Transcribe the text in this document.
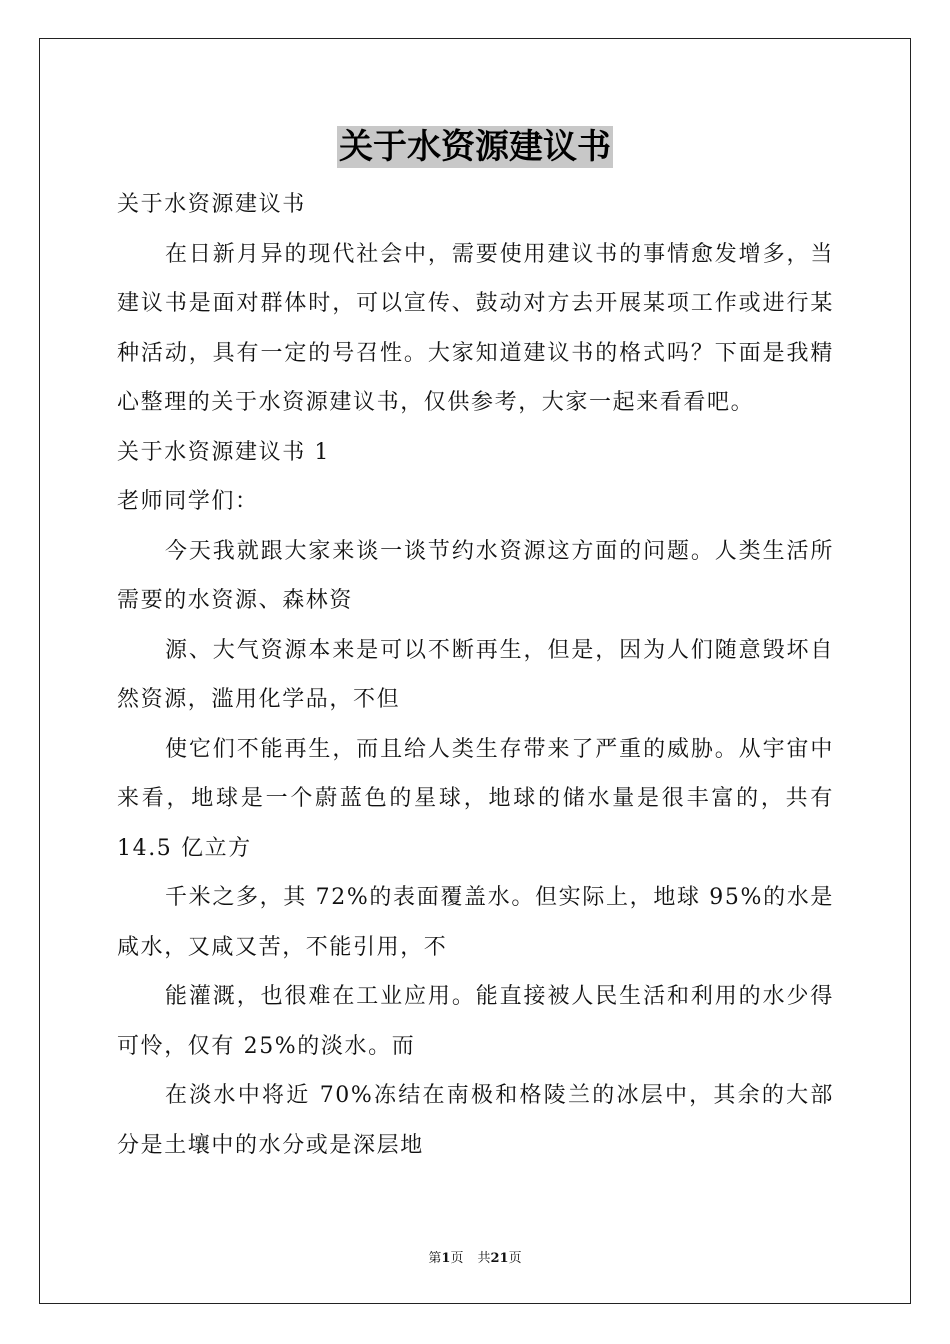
关于水资源建议书

关于水资源建议书

在日新月异的现代社会中，需要使用建议书的事情愈发增多，当建议书是面对群体时，可以宣传、鼓动对方去开展某项工作或进行某种活动，具有一定的号召性。大家知道建议书的格式吗？下面是我精心整理的关于水资源建议书，仅供参考，大家一起来看看吧。

关于水资源建议书 1

老师同学们：

今天我就跟大家来谈一谈节约水资源这方面的问题。人类生活所需要的水资源、森林资

源、大气资源本来是可以不断再生，但是，因为人们随意毁坏自然资源，滥用化学品，不但

使它们不能再生，而且给人类生存带来了严重的威胁。从宇宙中来看，地球是一个蔚蓝色的星球，地球的储水量是很丰富的，共有 14.5 亿立方

千米之多，其 72%的表面覆盖水。但实际上，地球 95%的水是咸水，又咸又苦，不能引用，不

能灌溉，也很难在工业应用。能直接被人民生活和利用的水少得可怜，仅有 25%的淡水。而

在淡水中将近 70%冻结在南极和格陵兰的冰层中，其余的大部分是土壤中的水分或是深层地

第1页 共21页
